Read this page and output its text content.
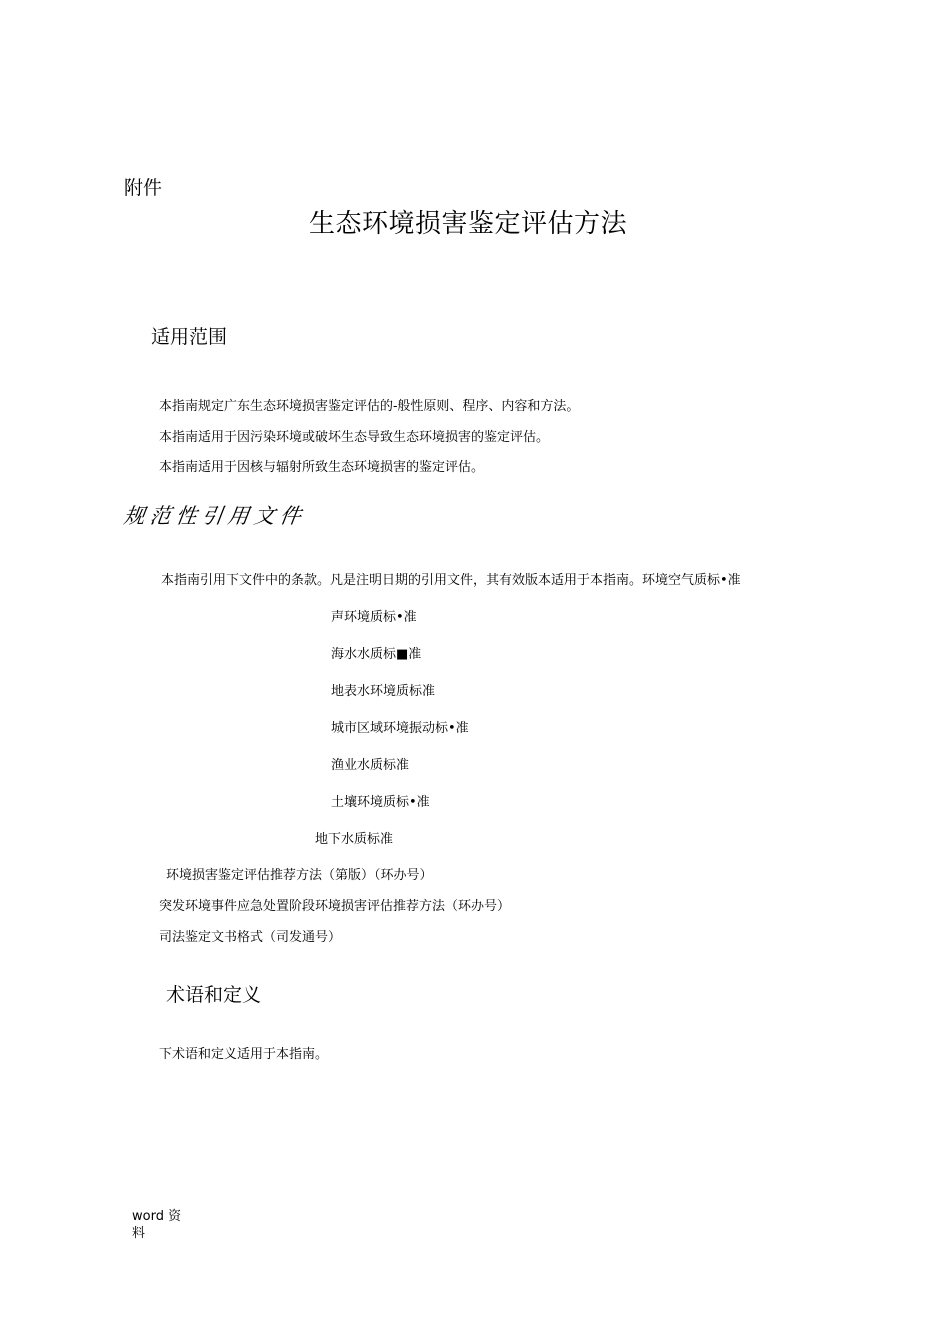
附件
生态环境损害鉴定评估方法
适用范围
本指南规定广东生态环境损害鉴定评估的-般性原则、程序、内容和方法。
本指南适用于因污染环境或破坏生态导致生态环境损害的鉴定评估。
本指南适用于因核与辐射所致生态环境损害的鉴定评估。
规范性引用文件
本指南引用下文件中的条款。凡是注明日期的引用文件，其有效版本适用于本指南。环境空气质标•准
声环境质标•准
海水水质标■准
地表水环境质标准
城市区域环境振动标•准
渔业水质标准
土壤环境质标•准
地下水质标准
环境损害鉴定评估推荐方法（第版）（环办号）
突发环境事件应急处置阶段环境损害评估推荐方法（环办号）
司法鉴定文书格式（司发通号）
术语和定义
下术语和定义适用于本指南。
word 资
料
